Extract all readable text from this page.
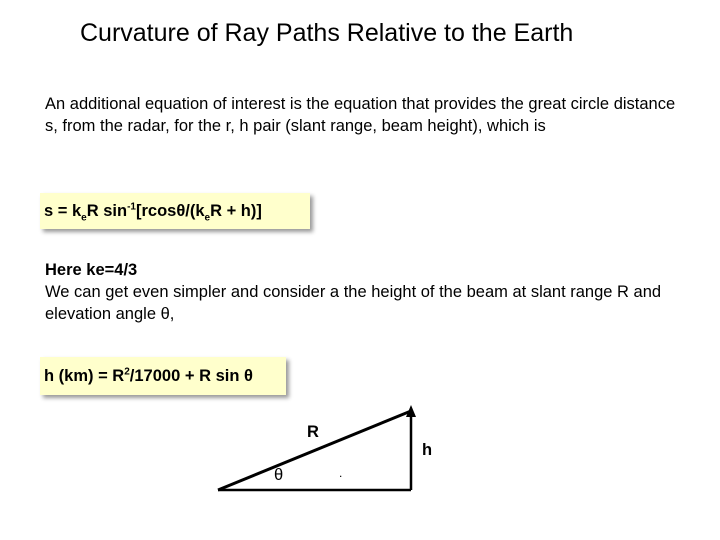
Curvature of Ray Paths Relative to the Earth
An additional equation of interest is the equation that provides the great circle distance s, from the radar, for the r, h pair (slant range, beam height), which is
$s = k_eR$ $\sin^{-1}[rcos\theta/(k_eR + h)]$
Here ke=4/3
We can get even simpler and consider a the height of the beam at slant range R and elevation angle θ,
h $(km) = R^2/17000 + R$ sin θ
R
h
θ	.
